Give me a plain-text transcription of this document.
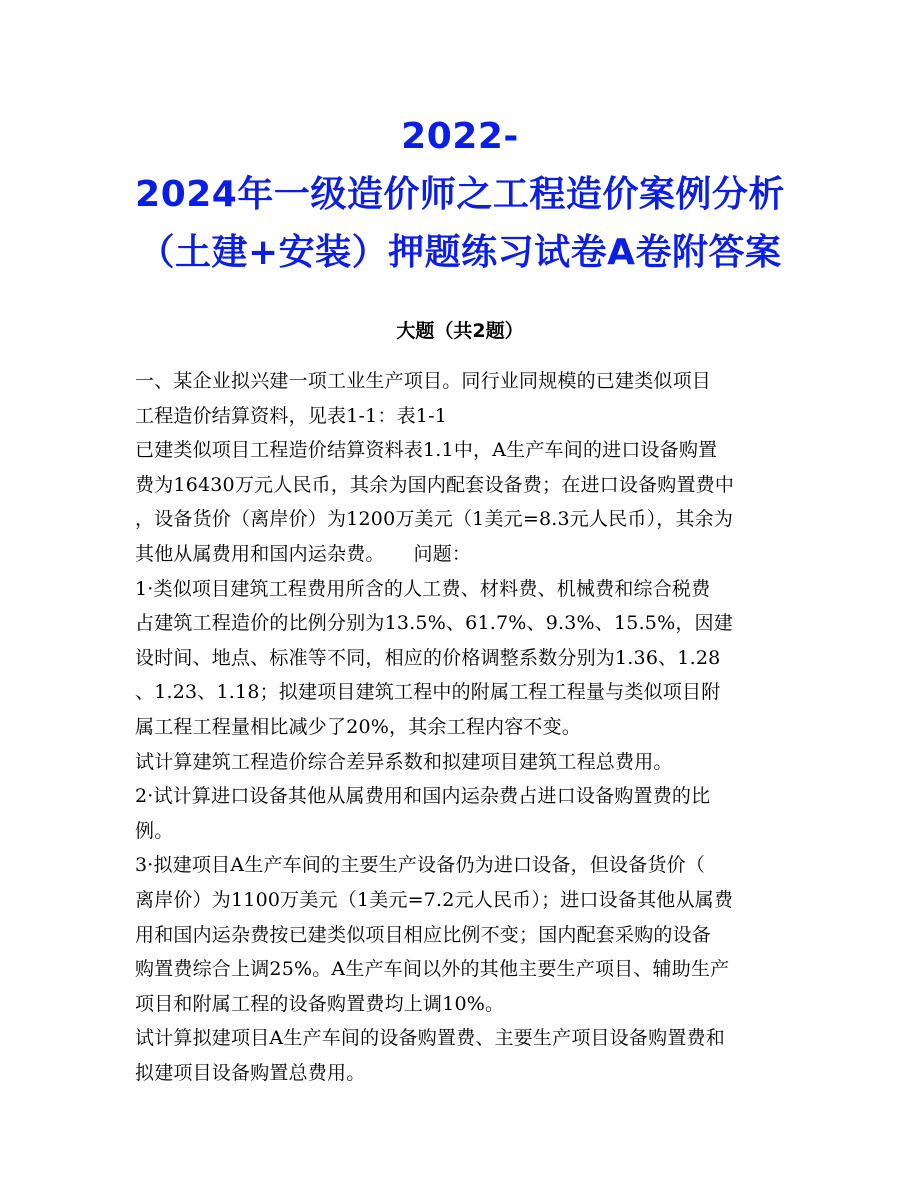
2022-
2024年一级造价师之工程造价案例分析
（土建+安装）押题练习试卷A卷附答案
大题（共2题）
一、某企业拟兴建一项工业生产项目。同行业同规模的已建类似项目
工程造价结算资料，见表1-1：表1-1
已建类似项目工程造价结算资料表1.1中，A生产车间的进口设备购置
费为16430万元人民币，其余为国内配套设备费；在进口设备购置费中
，设备货价（离岸价）为1200万美元（1美元=8.3元人民币），其余为
其他从属费用和国内运杂费。　　问题：
1·类似项目建筑工程费用所含的人工费、材料费、机械费和综合税费
占建筑工程造价的比例分别为13.5%、61.7%、9.3%、15.5%，因建
设时间、地点、标准等不同，相应的价格调整系数分别为1.36、1.28
、1.23、1.18；拟建项目建筑工程中的附属工程工程量与类似项目附
属工程工程量相比减少了20%，其余工程内容不变。
试计算建筑工程造价综合差异系数和拟建项目建筑工程总费用。
2·试计算进口设备其他从属费用和国内运杂费占进口设备购置费的比
例。
3·拟建项目A生产车间的主要生产设备仍为进口设备，但设备货价（
离岸价）为1100万美元（1美元=7.2元人民币）；进口设备其他从属费
用和国内运杂费按已建类似项目相应比例不变；国内配套采购的设备
购置费综合上调25%。A生产车间以外的其他主要生产项目、辅助生产
项目和附属工程的设备购置费均上调10%。
试计算拟建项目A生产车间的设备购置费、主要生产项目设备购置费和
拟建项目设备购置总费用。
